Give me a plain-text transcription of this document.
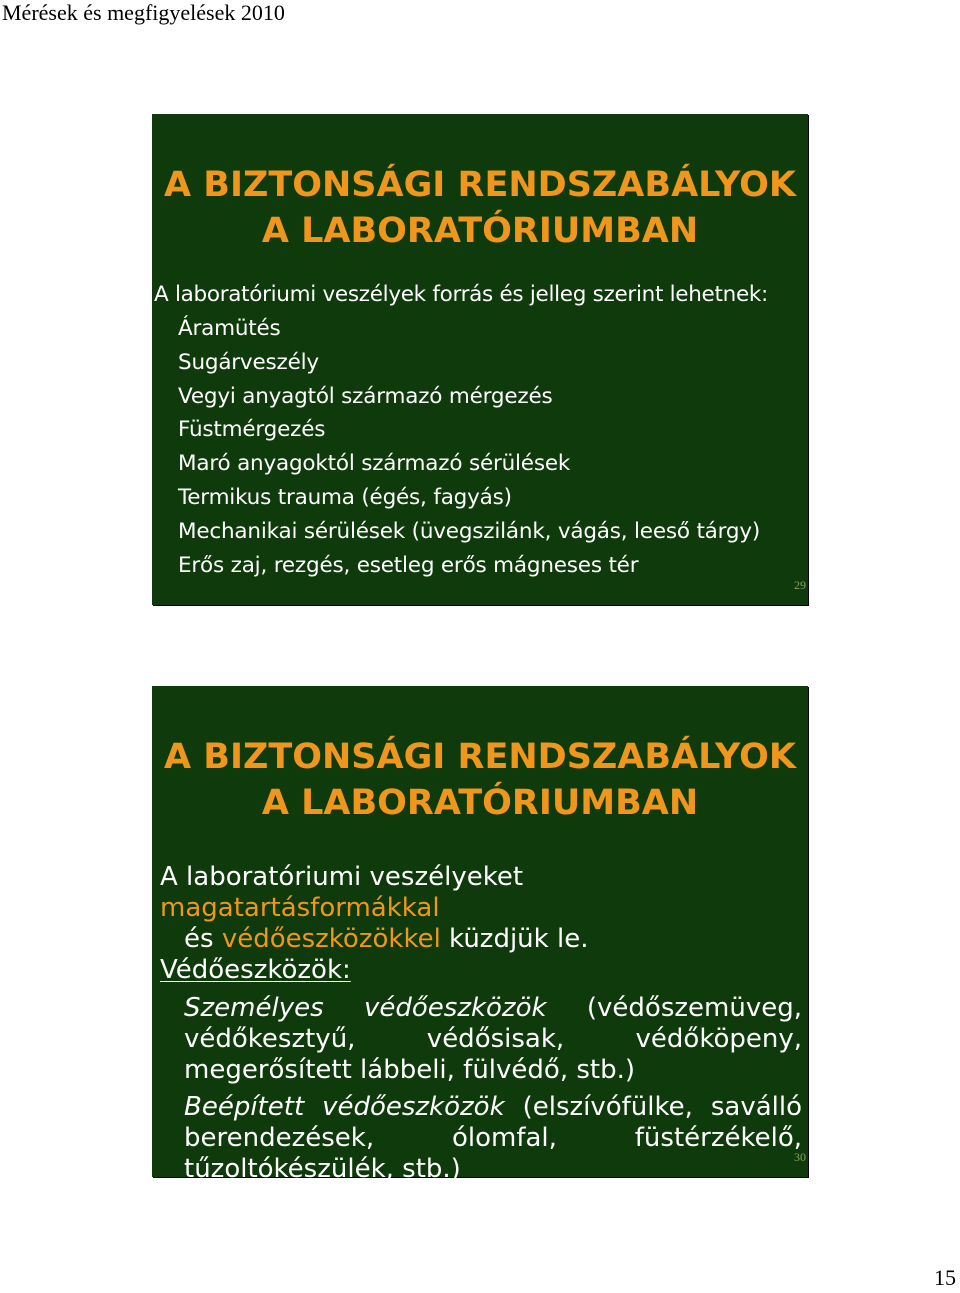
Mérések és megfigyelések 2010
A BIZTONSÁGI RENDSZABÁLYOK
A LABORATÓRIUMBAN
A laboratóriumi veszélyek forrás és jelleg szerint lehetnek:
Áramütés
Sugárveszély
Vegyi anyagtól származó mérgezés
Füstmérgezés
Maró anyagoktól származó sérülések
Termikus trauma (égés, fagyás)
Mechanikai sérülések (üvegszilánk, vágás, leeső tárgy)
Erős zaj, rezgés, esetleg erős mágneses tér
29
A BIZTONSÁGI RENDSZABÁLYOK
A LABORATÓRIUMBAN

A laboratóriumi veszélyeket magatartásformákkal

és védőeszközökkel küzdjük le.

Védőeszközök:

Személyes védőeszközök (védőszemüveg, védőkesztyű, védősisak, védőköpeny, megerősített lábbeli, fülvédő, stb.)

Beépített védőeszközök (elszívófülke, saválló berendezések, ólomfal, füstérzékelő, tűzoltókészülék, stb.)	30
15
